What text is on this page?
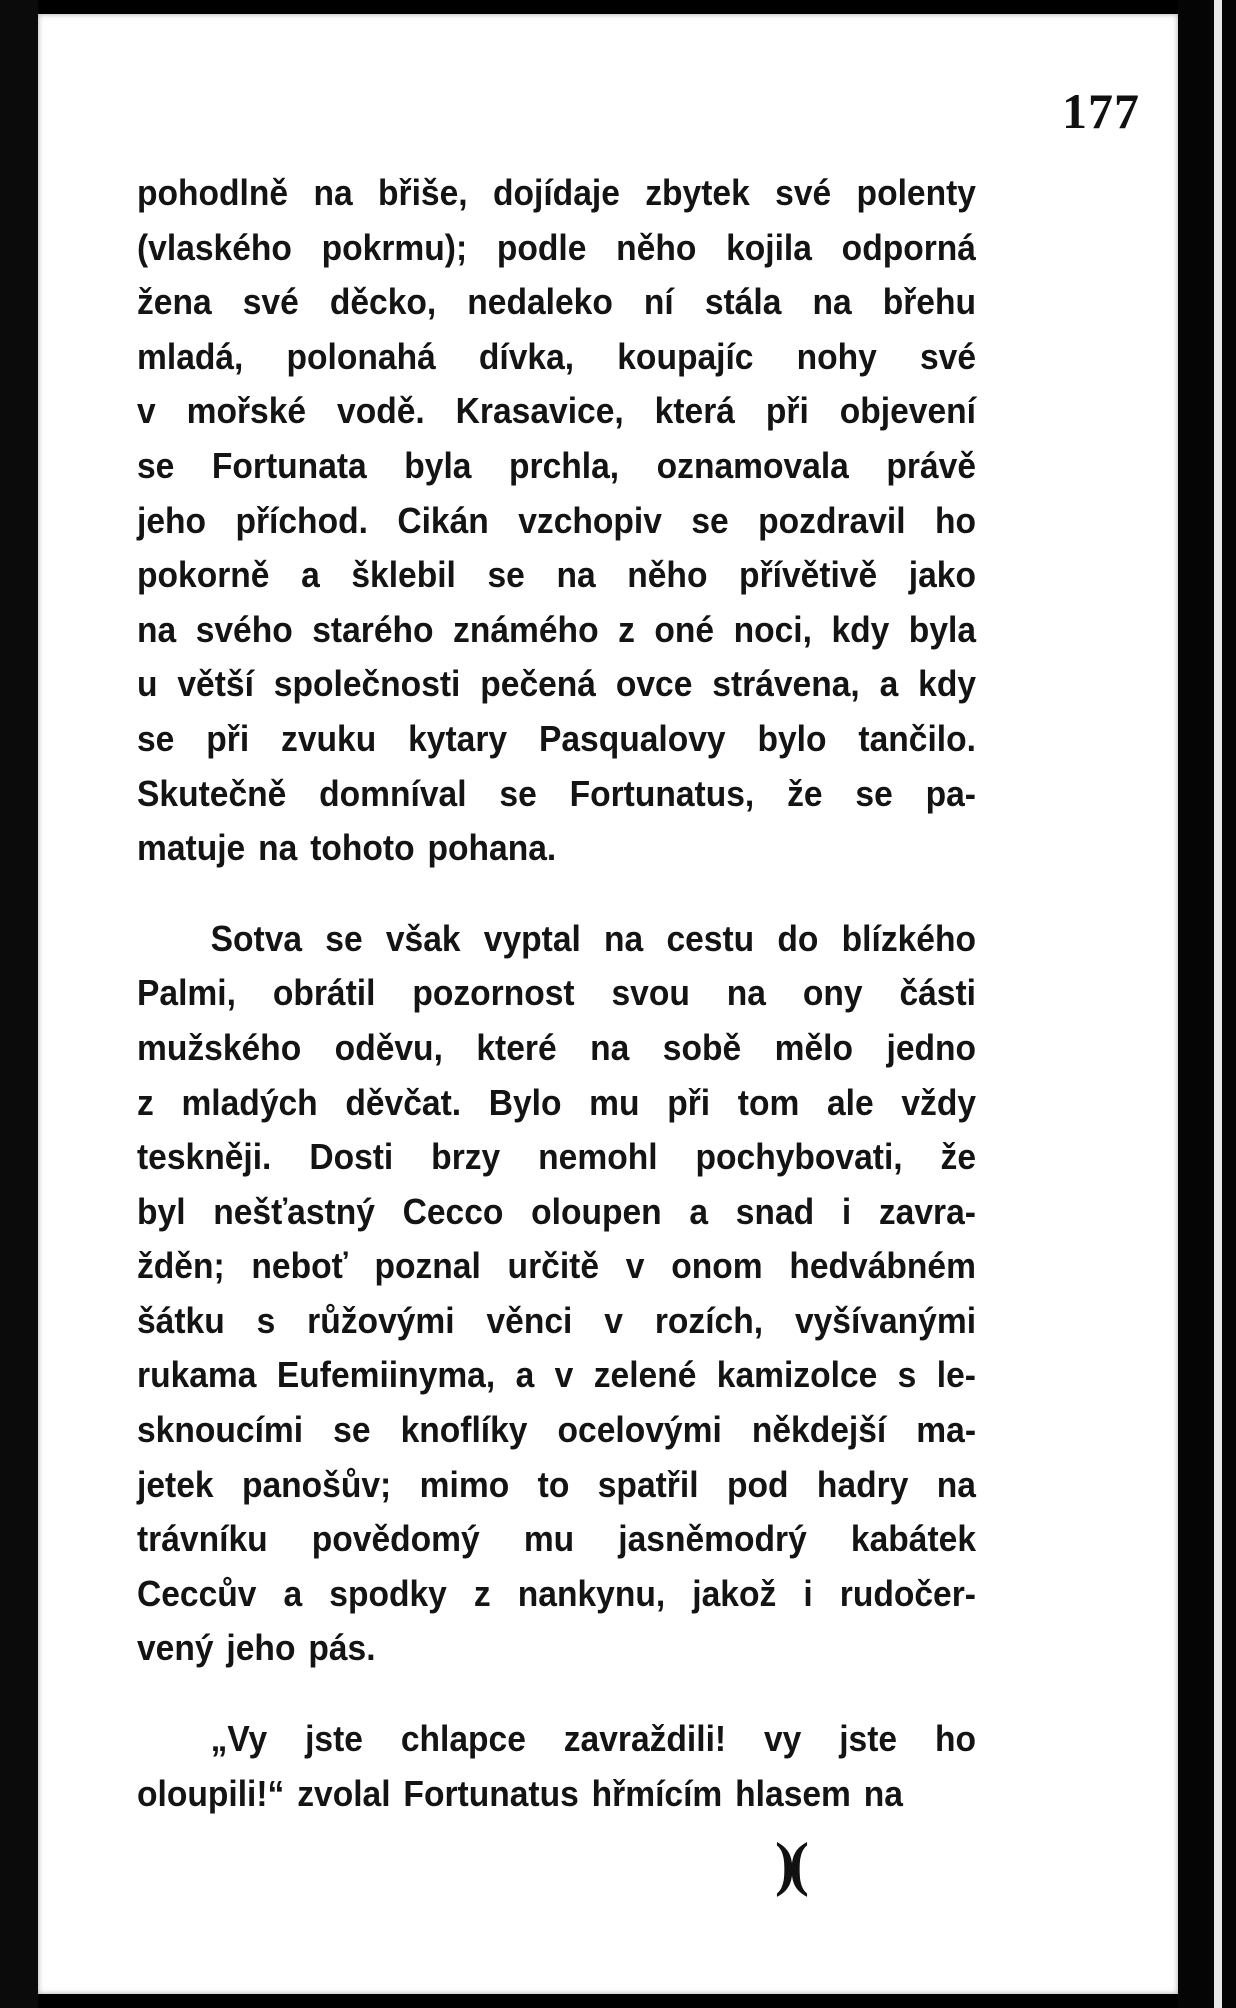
177
pohodlně na břiše, dojídaje zbytek své polenty
(vlaského pokrmu); podle něho kojila odporná
žena své děcko, nedaleko ní stála na břehu
mladá, polonahá dívka, koupajíc nohy své
v mořské vodě. Krasavice, která při objevení
se Fortunata byla prchla, oznamovala právě
jeho příchod. Cikán vzchopiv se pozdravil ho
pokorně a šklebil se na něho přívětivě jako
na svého starého známého z oné noci, kdy byla
u větší společnosti pečená ovce strávena, a kdy
se při zvuku kytary Pasqualovy bylo tančilo.
Skutečně domníval se Fortunatus, že se pa-
matuje na tohoto pohana.
Sotva se však vyptal na cestu do blízkého
Palmi, obrátil pozornost svou na ony části
mužského oděvu, které na sobě mělo jedno
z mladých děvčat. Bylo mu při tom ale vždy
teskněji. Dosti brzy nemohl pochybovati, že
byl nešťastný Cecco oloupen a snad i zavra-
žděn; neboť poznal určitě v onom hedvábném
šátku s růžovými věnci v rozích, vyšívanými
rukama Eufemiinyma, a v zelené kamizolce s le-
sknoucími se knoflíky ocelovými někdejší ma-
jetek panošův; mimo to spatřil pod hadry na
trávníku povědomý mu jasněmodrý kabátek
Ceccův a spodky z nankynu, jakož i rudočer-
vený jeho pás.
„Vy jste chlapce zavraždili! vy jste ho
oloupili!“ zvolal Fortunatus hřmícím hlasem na
)(
